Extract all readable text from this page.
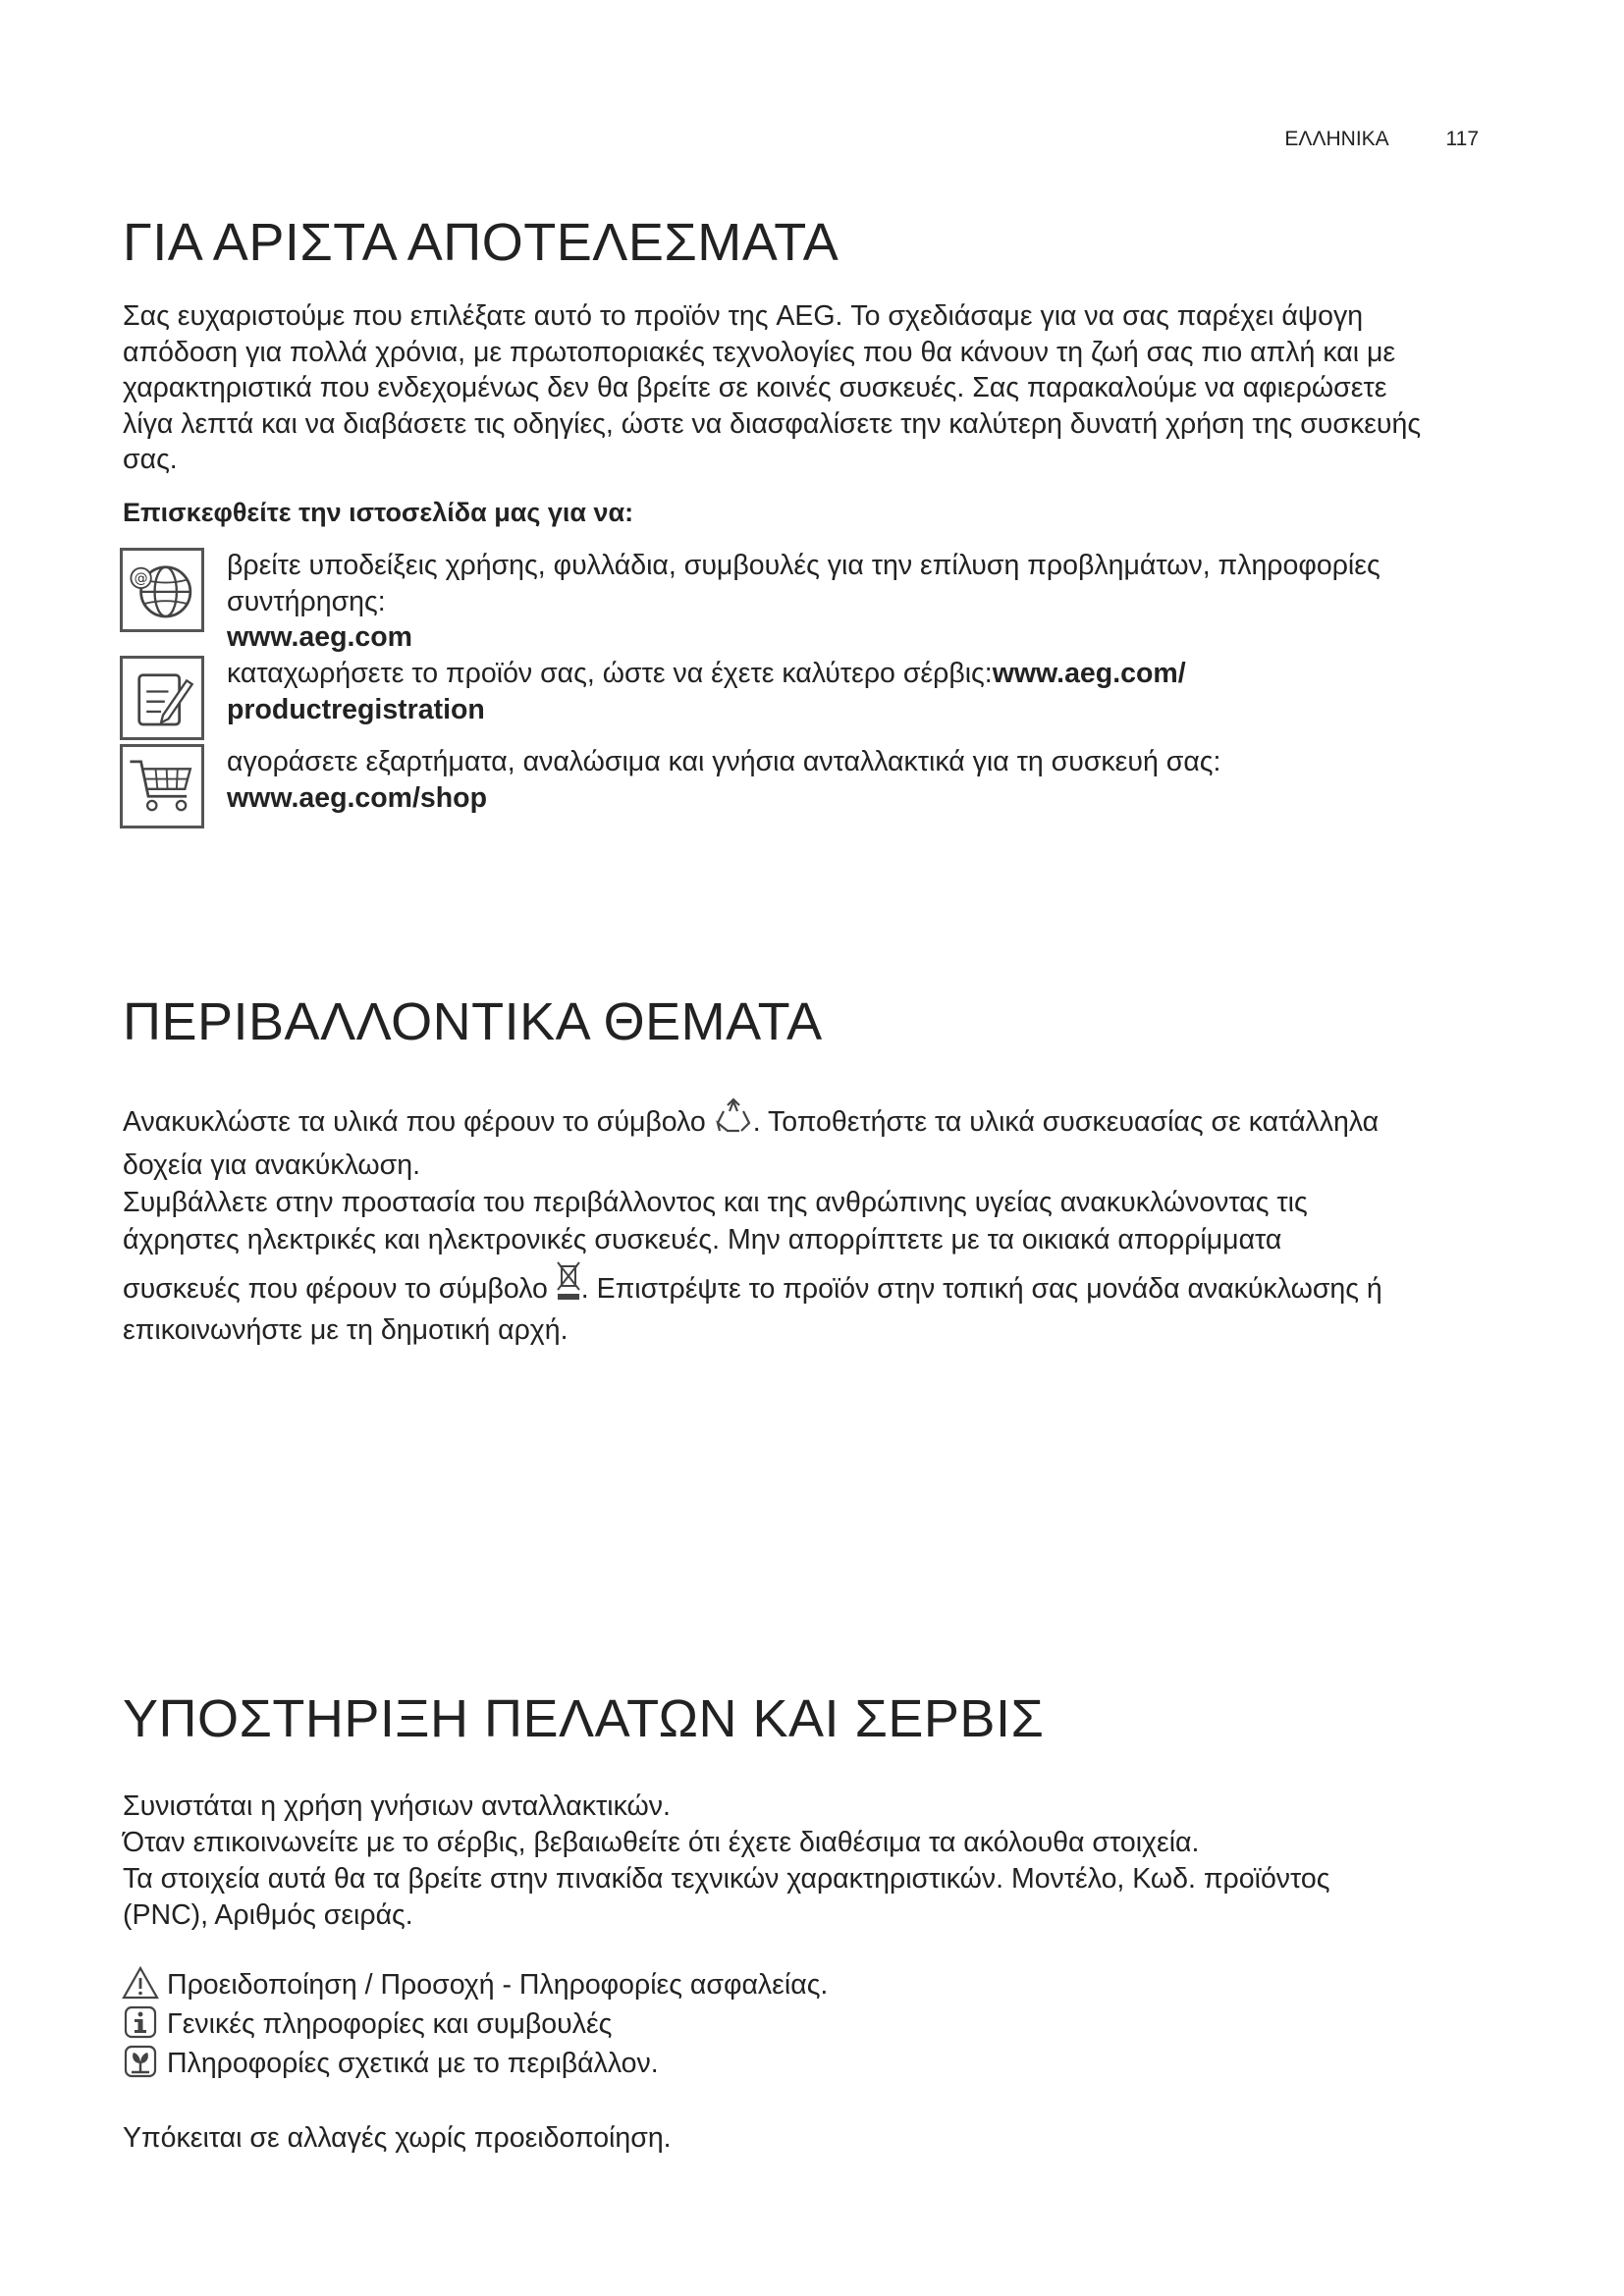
ΕΛΛΗΝΙΚΑ	117
ΓΙΑ ΑΡΙΣΤΑ ΑΠΟΤΕΛΕΣΜΑΤΑ

Σας ευχαριστούμε που επιλέξατε αυτό το προϊόν της AEG. Το σχεδιάσαμε για να σας παρέχει άψογη
απόδοση για πολλά χρόνια, με πρωτοποριακές τεχνολογίες που θα κάνουν τη ζωή σας πιο απλή και με
χαρακτηριστικά που ενδεχομένως δεν θα βρείτε σε κοινές συσκευές. Σας παρακαλούμε να αφιερώσετε
λίγα λεπτά και να διαβάσετε τις οδηγίες, ώστε να διασφαλίσετε την καλύτερη δυνατή χρήση της συσκευής
σας.

Επισκεφθείτε την ιστοσελίδα μας για να:

@	βρείτε υποδείξεις χρήσης, φυλλάδια, συμβουλές για την επίλυση προβλημάτων, πληροφορίες
συντήρησης:
www.aeg.com
καταχωρήσετε το προϊόν σας, ώστε να έχετε καλύτερο σέρβις:www.aeg.com/
productregistration
αγοράσετε εξαρτήματα, αναλώσιμα και γνήσια ανταλλακτικά για τη συσκευή σας:
www.aeg.com/shop
ΠΕΡΙΒΑΛΛΟΝΤΙΚΑ ΘΕΜΑΤΑ

Ανακυκλώστε τα υλικά που φέρουν το σύμβολο . Τοποθετήστε τα υλικά συσκευασίας σε κατάλληλα
δοχεία για ανακύκλωση.
Συμβάλλετε στην προστασία του περιβάλλοντος και της ανθρώπινης υγείας ανακυκλώνοντας τις
άχρηστες ηλεκτρικές και ηλεκτρονικές συσκευές. Μην απορρίπτετε με τα οικιακά απορρίμματα
συσκευές που φέρουν το σύμβολο . Επιστρέψτε το προϊόν στην τοπική σας μονάδα ανακύκλωσης ή
επικοινωνήστε με τη δημοτική αρχή.

ΥΠΟΣΤΗΡΙΞΗ ΠΕΛΑΤΩΝ ΚΑΙ ΣΕΡΒΙΣ

Συνιστάται η χρήση γνήσιων ανταλλακτικών.
Όταν επικοινωνείτε με το σέρβις, βεβαιωθείτε ότι έχετε διαθέσιμα τα ακόλουθα στοιχεία.
Τα στοιχεία αυτά θα τα βρείτε στην πινακίδα τεχνικών χαρακτηριστικών. Μοντέλο, Κωδ. προϊόντος
(PNC), Αριθμός σειράς.

Προειδοποίηση / Προσοχή - Πληροφορίες ασφαλείας.
Γενικές πληροφορίες και συμβουλές
Πληροφορίες σχετικά με το περιβάλλον.

Υπόκειται σε αλλαγές χωρίς προειδοποίηση.
